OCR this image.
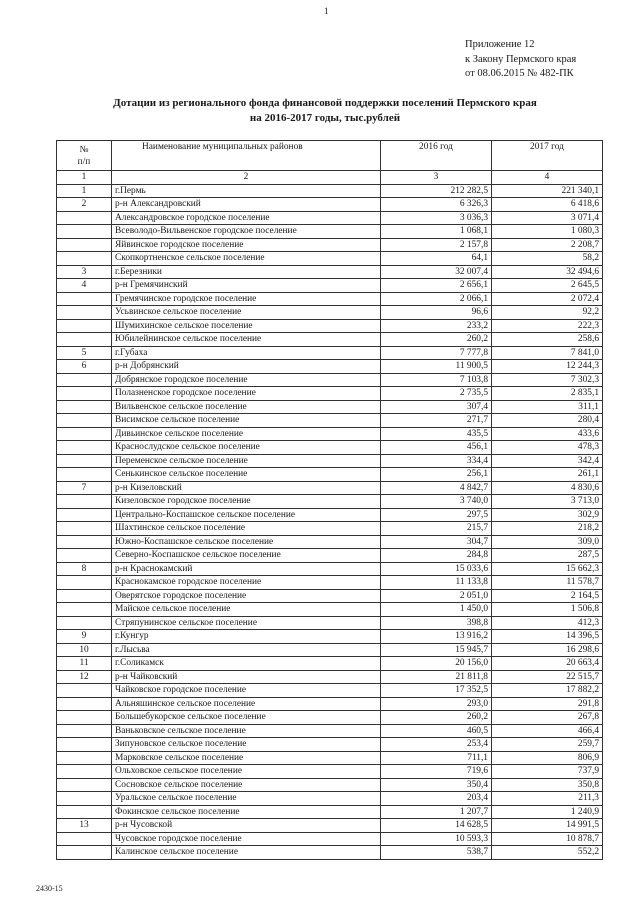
1
Приложение 12
к Закону Пермского края
от 08.06.2015 № 482-ПК
Дотации из регионального фонда финансовой поддержки поселений Пермского края
на 2016-2017 годы, тыс.рублей
№
п/п	Наименование муниципальных районов	2016 год	2017 год
1	2	3	4
1	г.Пермь	212 282,5	221 340,1
2	р-н Александровский	6 326,3	6 418,6
	Александровское городское поселение	3 036,3	3 071,4
	Всеволодо-Вильвенское городское поселение	1 068,1	1 080,3
	Яйвинское городское поселение	2 157,8	2 208,7
	Скопкортненское сельское поселение	64,1	58,2
3	г.Березники	32 007,4	32 494,6
4	р-н Гремячинский	2 656,1	2 645,5
	Гремячинское городское поселение	2 066,1	2 072,4
	Усьвинское сельское поселение	96,6	92,2
	Шумихинское сельское поселение	233,2	222,3
	Юбилейнинское сельское поселение	260,2	258,6
5	г.Губаха	7 777,8	7 841,0
6	р-н Добрянский	11 900,5	12 244,3
	Добрянское городское поселение	7 103,8	7 302,3
	Полазненское городское поселение	2 735,5	2 835,1
	Вильвенское сельское поселение	307,4	311,1
	Висимское сельское поселение	271,7	280,4
	Дивьинское сельское поселение	435,5	433,6
	Краснослудское сельское поселение	456,1	478,3
	Переменское сельское поселение	334,4	342,4
	Сенькинское сельское поселение	256,1	261,1
7	р-н Кизеловский	4 842,7	4 830,6
	Кизеловское городское поселение	3 740,0	3 713,0
	Центрально-Коспашское сельское поселение	297,5	302,9
	Шахтинское сельское поселение	215,7	218,2
	Южно-Коспашское сельское поселение	304,7	309,0
	Северно-Коспашское сельское поселение	284,8	287,5
8	р-н Краснокамский	15 033,6	15 662,3
	Краснокамское городское поселение	11 133,8	11 578,7
	Оверятское городское поселение	2 051,0	2 164,5
	Майское сельское поселение	1 450,0	1 506,8
	Стряпунинское сельское поселение	398,8	412,3
9	г.Кунгур	13 916,2	14 396,5
10	г.Лысьва	15 945,7	16 298,6
11	г.Соликамск	20 156,0	20 663,4
12	р-н Чайковский	21 811,8	22 515,7
	Чайковское городское поселение	17 352,5	17 882,2
	Альняшинское сельское поселение	293,0	291,8
	Большебукорское сельское поселение	260,2	267,8
	Ваньковское сельское поселение	460,5	466,4
	Зипуновское сельское поселение	253,4	259,7
	Марковское сельское поселение	711,1	806,9
	Ольховское сельское поселение	719,6	737,9
	Сосновское сельское поселение	350,4	350,8
	Уральское сельское поселение	203,4	211,3
	Фокинское сельское поселение	1 207,7	1 240,9
13	р-н Чусовской	14 628,5	14 991,5
	Чусовское городское поселение	10 593,3	10 878,7
	Калинское сельское поселение	538,7	552,2
2430-15
